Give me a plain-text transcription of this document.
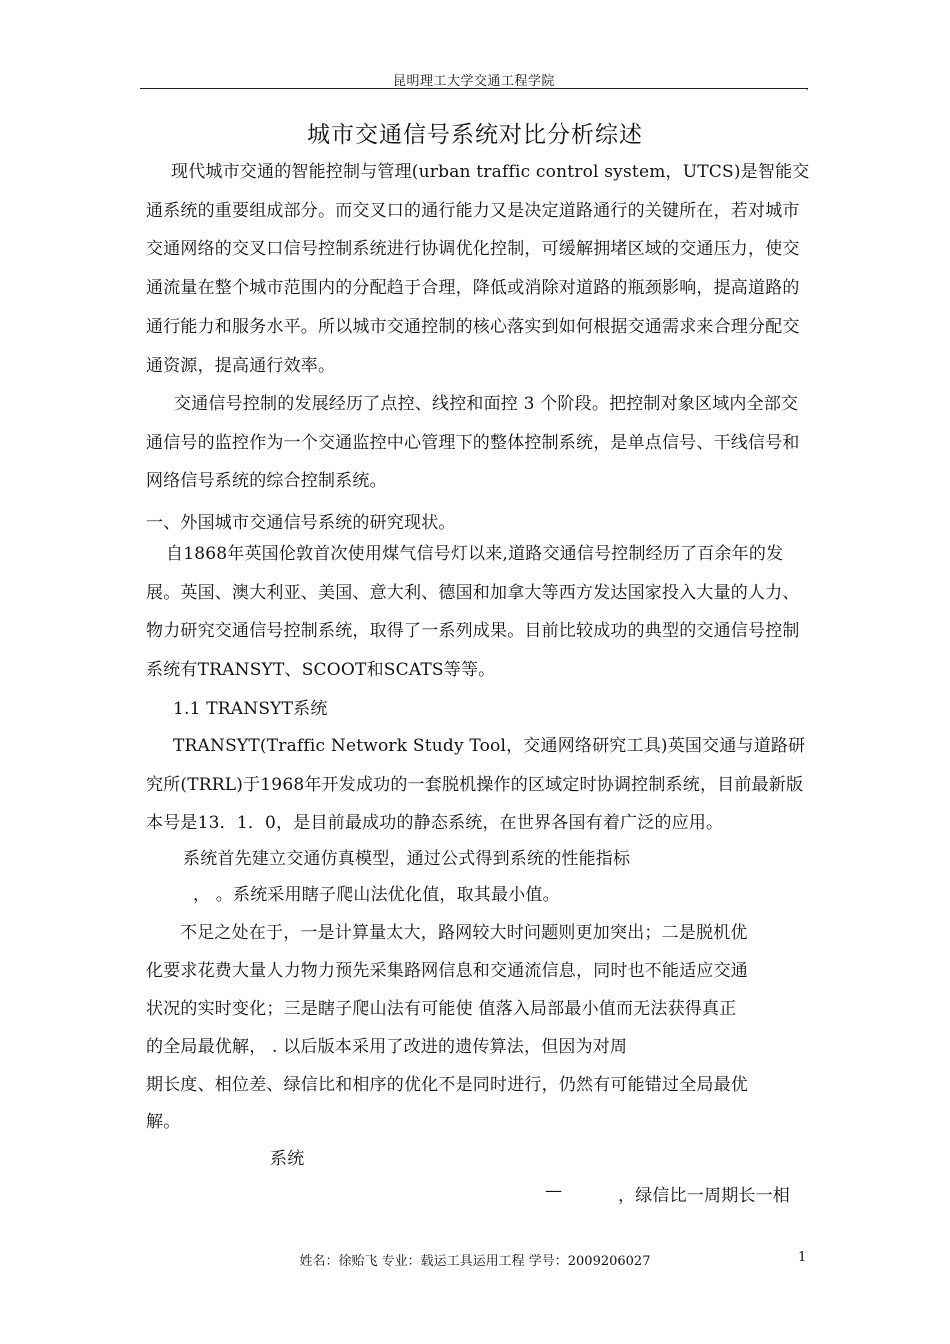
昆明理工大学交通工程学院	,
城市交通信号系统对比分析综述

现代城市交通的智能控制与管理(urban traffic control system，UTCS)是智能交通系统的重要组成部分。而交叉口的通行能力又是决定道路通行的关键所在，若对城市交通网络的交叉口信号控制系统进行协调优化控制，可缓解拥堵区域的交通压力，使交通流量在整个城市范围内的分配趋于合理，降低或消除对道路的瓶颈影响，提高道路的通行能力和服务水平。所以城市交通控制的核心落实到如何根据交通需求来合理分配交通资源，提高通行效率。

交通信号控制的发展经历了点控、线控和面控 3 个阶段。把控制对象区域内全部交通信号的监控作为一个交通监控中心管理下的整体控制系统，是单点信号、干线信号和网络信号系统的综合控制系统。

一、外国城市交通信号系统的研究现状。

自1868年英国伦敦首次使用煤气信号灯以来,道路交通信号控制经历了百余年的发展。英国、澳大利亚、美国、意大利、德国和加拿大等西方发达国家投入大量的人力、物力研究交通信号控制系统，取得了一系列成果。目前比较成功的典型的交通信号控制系统有TRANSYT、SCOOT和SCATS等等。

1.1 TRANSYT系统

TRANSYT(Traffic Network Study Tool，交通网络研究工具)英国交通与道路研究所(TRRL)于1968年开发成功的一套脱机操作的区域定时协调控制系统，目前最新版本号是13．1．0，是目前最成功的静态系统，在世界各国有着广泛的应用。

系统首先建立交通仿真模型，通过公式得到系统的性能指标
， 。系统采用瞎子爬山法优化值，取其最小值。
不足之处在于，一是计算量太大，路网较大时问题则更加突出；二是脱机优
化要求花费大量人力物力预先采集路网信息和交通流信息，同时也不能适应交通
状况的实时变化；三是瞎子爬山法有可能使 值落入局部最小值而无法获得真正
的全局最优解， . 以后版本采用了改进的遗传算法，但因为对周
期长度、相位差、绿信比和相序的优化不是同时进行，仍然有可能错过全局最优
解。
系统
—	，绿信比一周期长一相
姓名：徐贻飞 专业：载运工具运用工程 学号：2009206027	1
